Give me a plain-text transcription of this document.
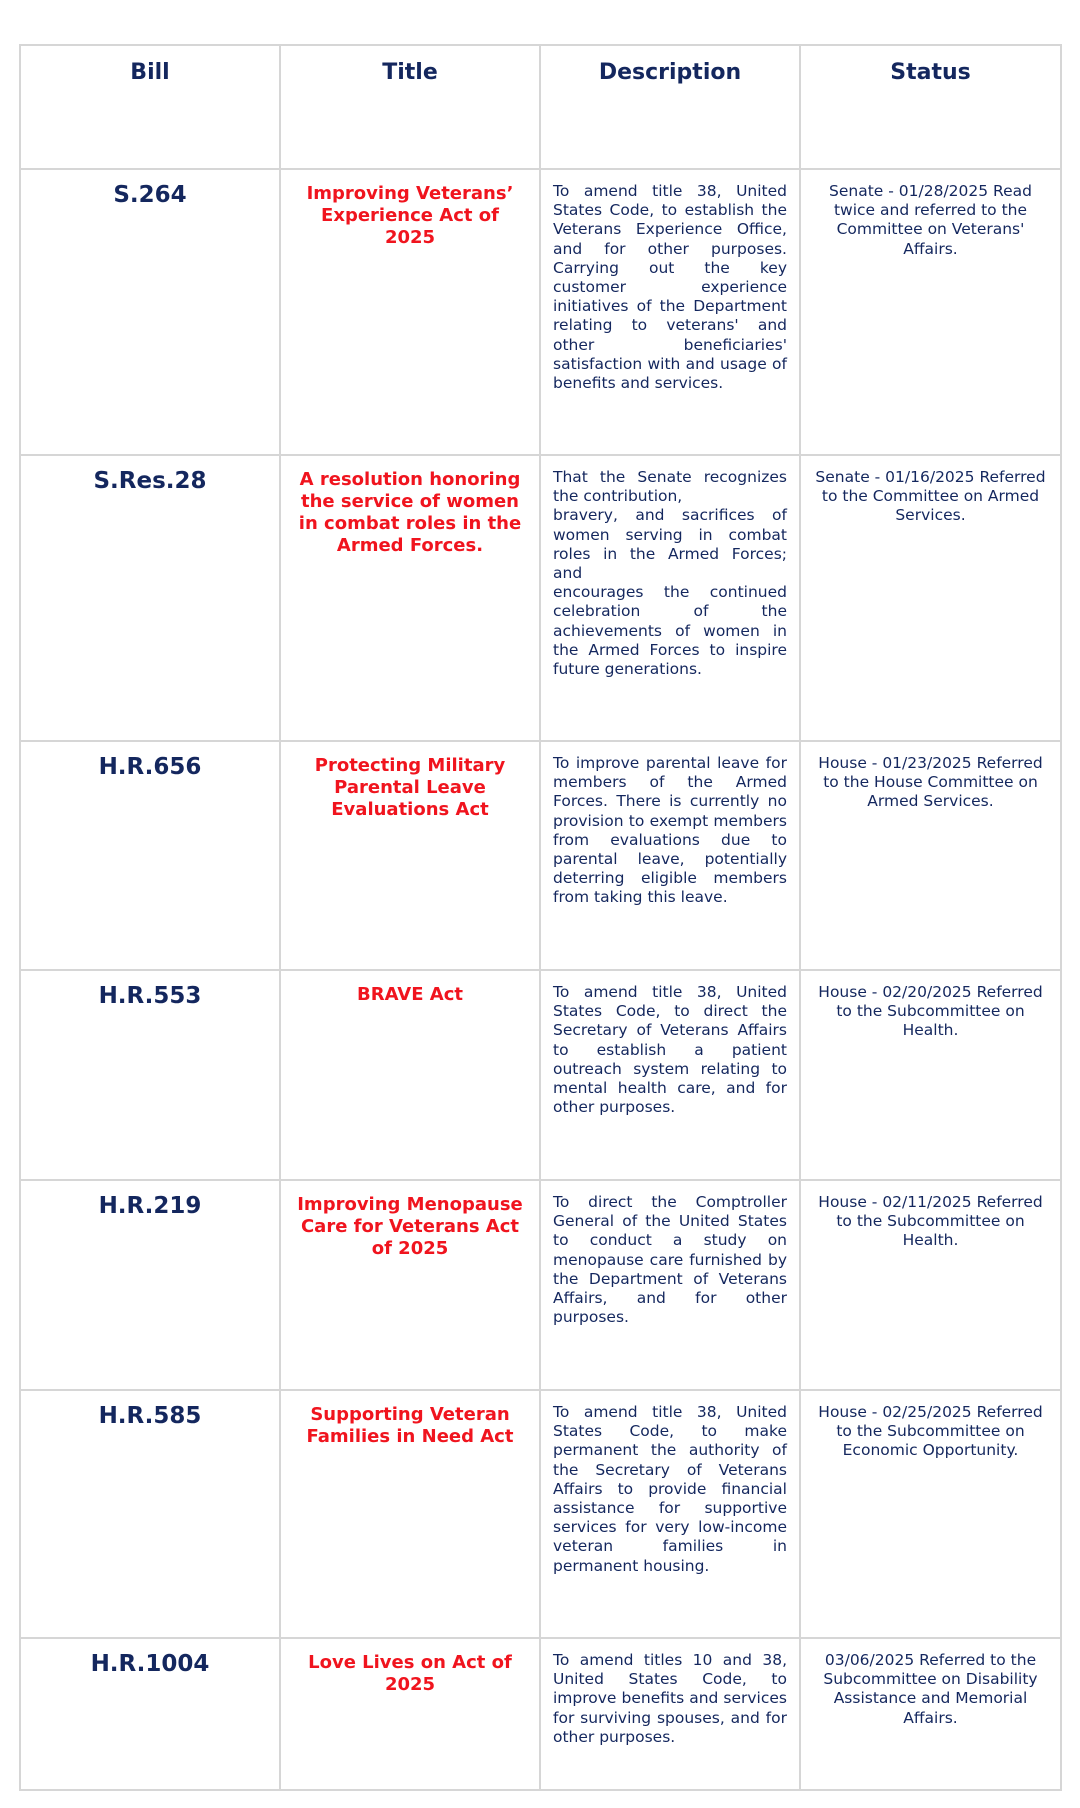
Bill	Title	Description	Status
S.264	Improving Veterans’ Experience Act of 2025	To amend title 38, United States Code, to establish the Veterans Experience Office, and for other purposes. Carrying out the key customer experience initiatives of the Department relating to veterans' and other beneficiaries' satisfaction with and usage of benefits and services.	Senate - 01/28/2025 Read twice and referred to the Committee on Veterans' Affairs.
S.Res.28	A resolution honoring the service of women in combat roles in the Armed Forces.	That the Senate recognizes the contribution,
bravery, and sacrifices of women serving in combat roles in the Armed Forces; and
encourages the continued celebration of the achievements of women in the Armed Forces to inspire future generations.	Senate - 01/16/2025 Referred to the Committee on Armed Services.
H.R.656	Protecting Military Parental Leave Evaluations Act	To improve parental leave for members of the Armed Forces. There is currently no provision to exempt members from evaluations due to parental leave, potentially deterring eligible members from taking this leave.	House - 01/23/2025 Referred to the House Committee on Armed Services.
H.R.553	BRAVE Act	To amend title 38, United States Code, to direct the Secretary of Veterans Affairs to establish a patient outreach system relating to mental health care, and for other purposes.	House - 02/20/2025 Referred to the Subcommittee on Health.
H.R.219	Improving Menopause Care for Veterans Act of 2025	To direct the Comptroller General of the United States to conduct a study on menopause care furnished by the Department of Veterans Affairs, and for other purposes.	House - 02/11/2025 Referred to the Subcommittee on Health.
H.R.585	Supporting Veteran Families in Need Act	To amend title 38, United States Code, to make permanent the authority of the Secretary of Veterans Affairs to provide financial assistance for supportive services for very low-income veteran families in permanent housing.	House - 02/25/2025 Referred to the Subcommittee on Economic Opportunity.
H.R.1004	Love Lives on Act of 2025	To amend titles 10 and 38, United States Code, to improve benefits and services for surviving spouses, and for other purposes.	03/06/2025 Referred to the Subcommittee on Disability Assistance and Memorial Affairs.
